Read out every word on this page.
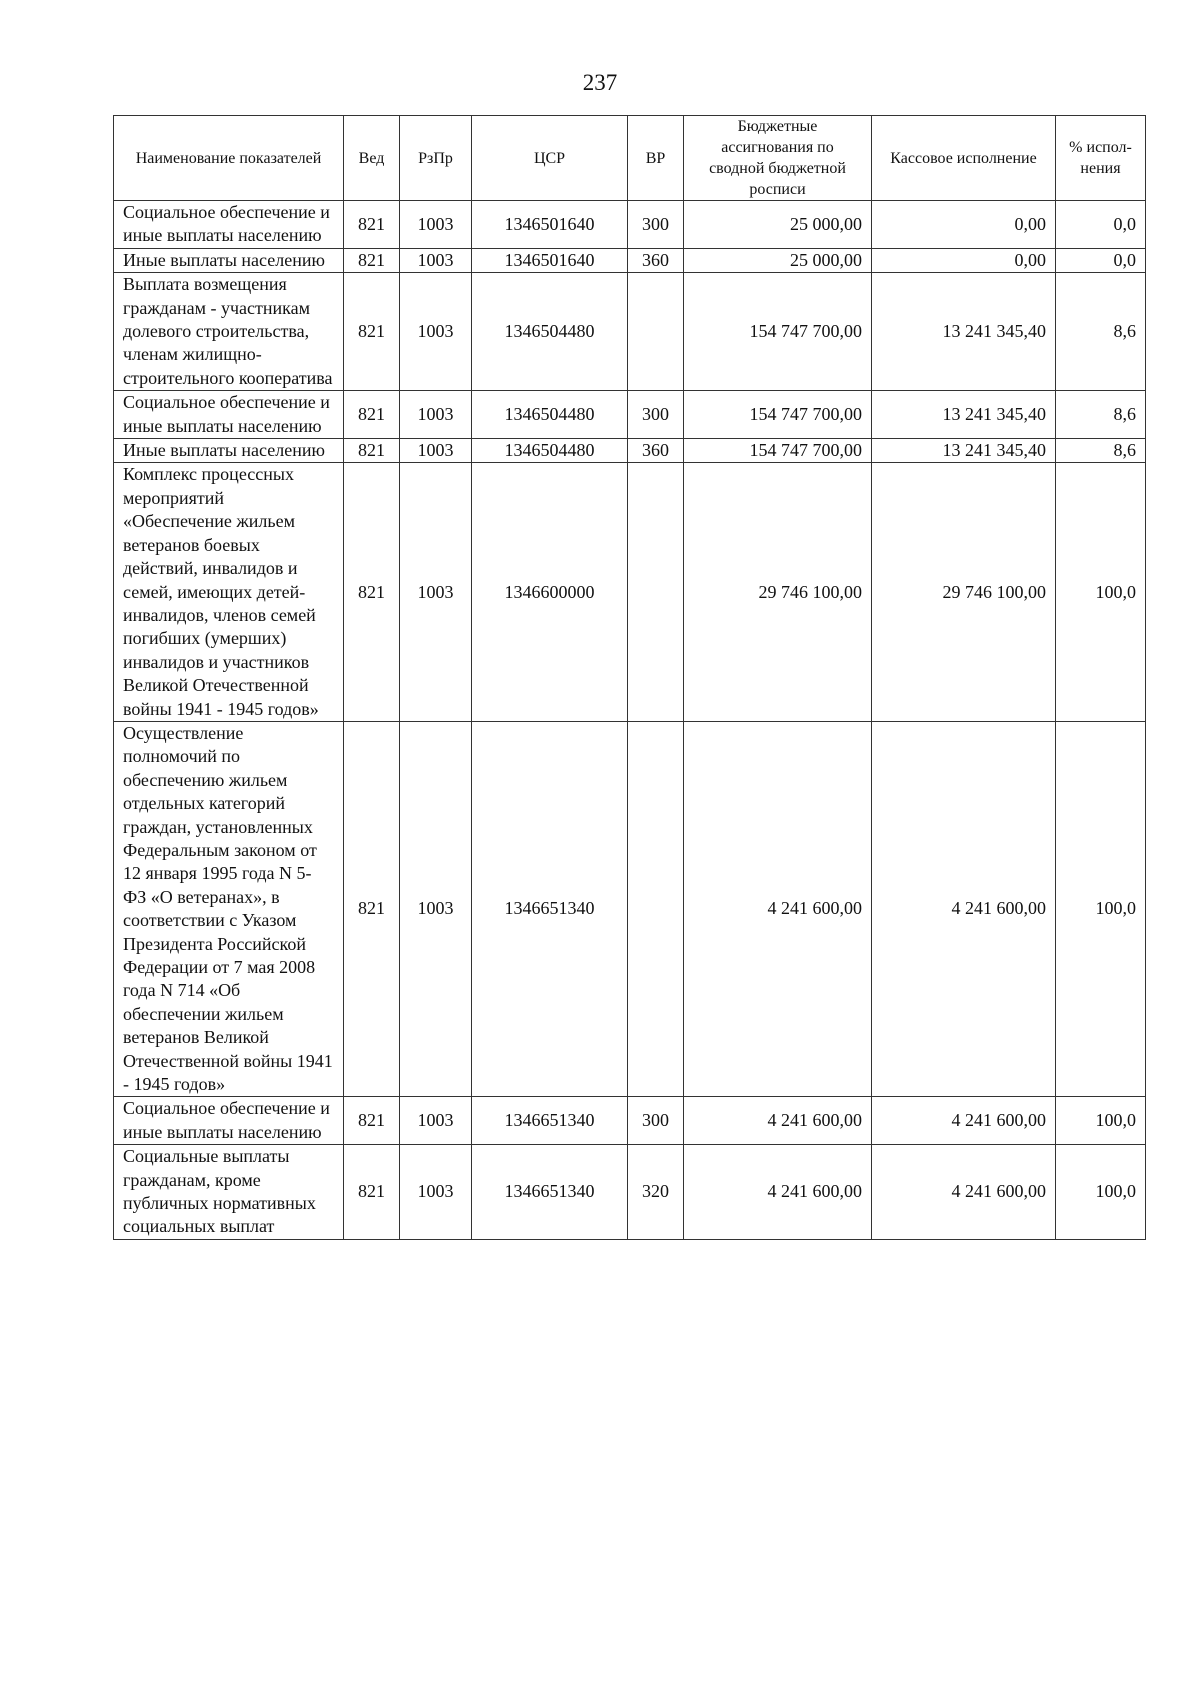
237
Наименование показателей	Вед	РзПр	ЦСР	ВР	Бюджетные ассигнования по сводной бюджетной росписи	Кассовое исполнение	% испол-нения
Социальное обеспечение и иные выплаты населению	821	1003	1346501640	300	25 000,00	0,00	0,0
Иные выплаты населению	821	1003	1346501640	360	25 000,00	0,00	0,0
Выплата возмещения гражданам - участникам долевого строительства, членам жилищно-строительного кооператива	821	1003	1346504480		154 747 700,00	13 241 345,40	8,6
Социальное обеспечение и иные выплаты населению	821	1003	1346504480	300	154 747 700,00	13 241 345,40	8,6
Иные выплаты населению	821	1003	1346504480	360	154 747 700,00	13 241 345,40	8,6
Комплекс процессных мероприятий «Обеспечение жильем ветеранов боевых действий, инвалидов и семей, имеющих детей-инвалидов, членов семей погибших (умерших) инвалидов и участников Великой Отечественной войны 1941 - 1945 годов»	821	1003	1346600000		29 746 100,00	29 746 100,00	100,0
Осуществление полномочий по обеспечению жильем отдельных категорий граждан, установленных Федеральным законом от 12 января 1995 года N 5-ФЗ «О ветеранах», в соответствии с Указом Президента Российской Федерации от 7 мая 2008 года N 714 «Об обеспечении жильем ветеранов Великой Отечественной войны 1941 - 1945 годов»	821	1003	1346651340		4 241 600,00	4 241 600,00	100,0
Социальное обеспечение и иные выплаты населению	821	1003	1346651340	300	4 241 600,00	4 241 600,00	100,0
Социальные выплаты гражданам, кроме публичных нормативных социальных выплат	821	1003	1346651340	320	4 241 600,00	4 241 600,00	100,0
